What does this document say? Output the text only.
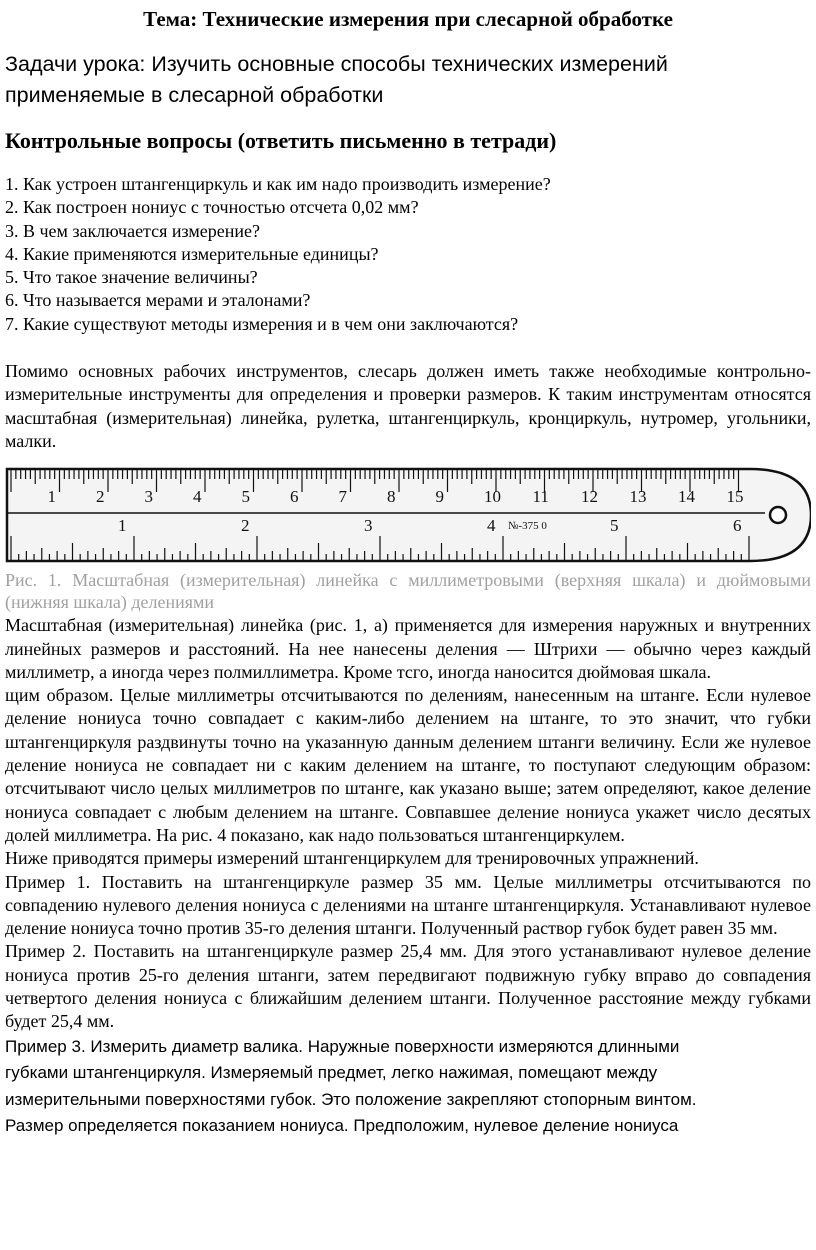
Тема: Технические измерения при слесарной обработке
Задачи урока: Изучить основные способы технических измерений применяемые в слесарной обработки
Контрольные вопросы (ответить письменно в тетради)
1. Как устроен штангенциркуль и как им надо производить измерение?
2. Как построен нониус с точностью отсчета 0,02 мм?
3. В чем заключается измерение?
4. Какие применяются измерительные единицы?
5. Что такое значение величины?
6. Что называется мерами и эталонами?
7. Какие существуют методы измерения и в чем они заключаются?

Помимо основных рабочих инструментов, слесарь должен иметь также необходимые контрольно-измерительные инструменты для определения и проверки размеров. К таким инструментам относятся масштабная (измерительная) линейка, рулетка, штангенциркуль, кронциркуль, нутромер, угольники, малки.

1 2 3 4 5 6 7 8 9 10 11 12 13 14 15
1	2	3	4	5	6
№-375 0

Рис. 1. Масштабная (измерительная) линейка с миллиметровыми (верхняя шкала) и дюймовыми (нижняя шкала) делениями

Масштабная (измерительная) линейка (рис. 1, а) применяется для измерения наружных и внутренних линейных размеров и расстояний. На нее нанесены деления — Штрихи — обычно через каждый миллиметр, а иногда через полмиллиметра. Кроме тсго, иногда наносится дюймовая шкала.

щим образом. Целые миллиметры отсчитываются по делениям, нанесенным на штанге. Если нулевое деление нониуса точно совпадает с каким-либо делением на штанге, то это значит, что губки штангенциркуля раздвинуты точно на указанную данным делением штанги величину. Если же нулевое деление нониуса не совпадает ни с каким делением на штанге, то поступают следующим образом: отсчитывают число целых миллиметров по штанге, как указано выше; затем определяют, какое деление нониуса совпадает с любым делением на штанге. Совпавшее деление нониуса укажет число десятых долей миллиметра. На рис. 4 показано, как надо пользоваться штангенциркулем.

Ниже приводятся примеры измерений штангенциркулем для тренировочных упражнений.

Пример 1. Поставить на штангенциркуле размер 35 мм. Целые миллиметры отсчитываются по совпадению нулевого деления нониуса с делениями на штанге штангенциркуля. Устанавливают нулевое деление нониуса точно против 35-го деления штанги. Полученный раствор губок будет равен 35 мм.

Пример 2. Поставить на штангенциркуле размер 25,4 мм. Для этого устанавливают нулевое деление нониуса против 25-го деления штанги, затем передвигают подвижную губку вправо до совпадения четвертого деления нониуса с ближайшим делением штанги. Полученное расстояние между губками будет 25,4 мм.

Пример 3. Измерить диаметр валика. Наружные поверхности измеряются длинными
губками штангенциркуля. Измеряемый предмет, легко нажимая, помещают между
измерительными поверхностями губок. Это положение закрепляют стопорным винтом.
Размер определяется показанием нониуса. Предположим, нулевое деление нониуса
